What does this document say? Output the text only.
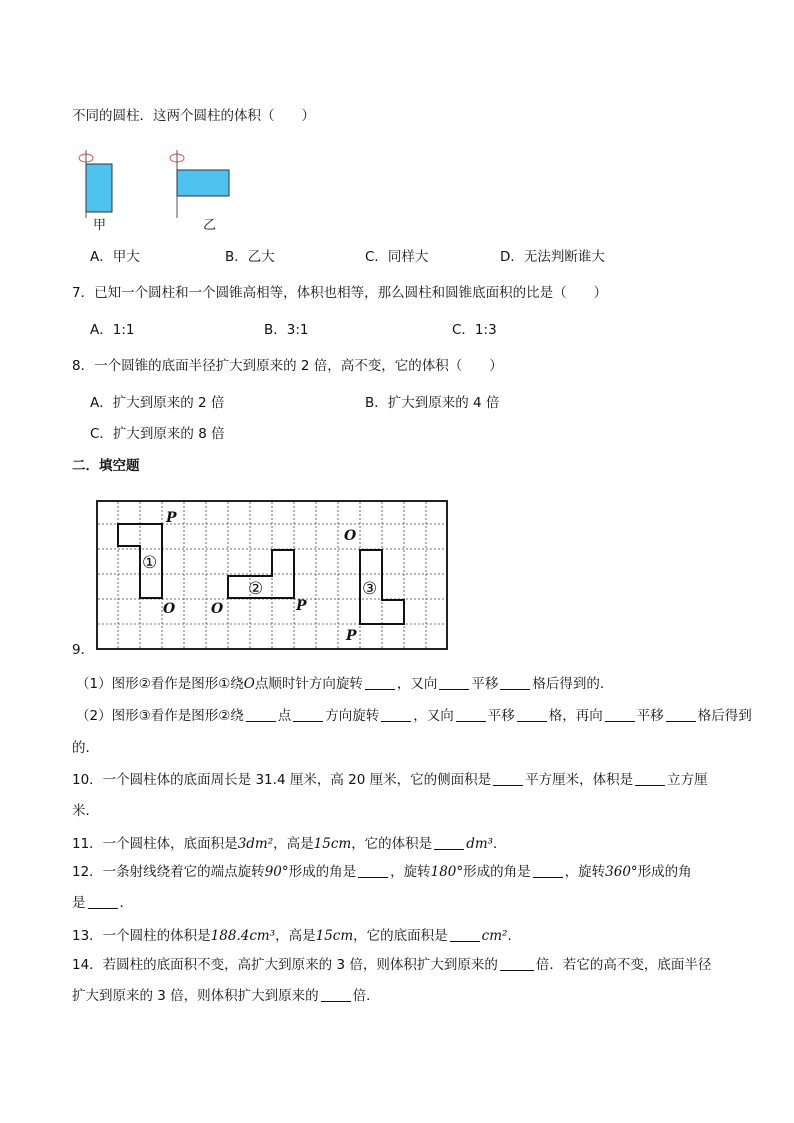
不同的圆柱．这两个圆柱的体积（　　）
甲	乙
A．甲大	B．乙大	C．同样大	D．无法判断谁大
7．已知一个圆柱和一个圆锥高相等，体积也相等，那么圆柱和圆锥底面积的比是（　　）
A．1:1	B．3:1	C．1:3
8．一个圆锥的底面半径扩大到原来的 2 倍，高不变，它的体积（　　）
A．扩大到原来的 2 倍	B．扩大到原来的 4 倍
C．扩大到原来的 8 倍
二．填空题
①
②	③
P
O	O	P
O
P
9．
（1）图形②看作是图形①绕O点顺时针方向旋转	，又向	平移	格后得到的．
（2）图形③看作是图形②绕	点	方向旋转	，又向	平移	格，再向	平移	格后得到
的．
10．一个圆柱体的底面周长是 31.4 厘米，高 20 厘米，它的侧面积是	平方厘米，体积是	立方厘
米．
11．一个圆柱体，底面积是3dm²，高是15cm，它的体积是	dm³．
12．一条射线绕着它的端点旋转90°形成的角是	，旋转180°形成的角是	，旋转360°形成的角
是	．
13．一个圆柱的体积是188.4cm³，高是15cm，它的底面积是	cm²．
14．若圆柱的底面积不变，高扩大到原来的 3 倍，则体积扩大到原来的	倍．若它的高不变，底面半径
扩大到原来的 3 倍，则体积扩大到原来的	倍．
